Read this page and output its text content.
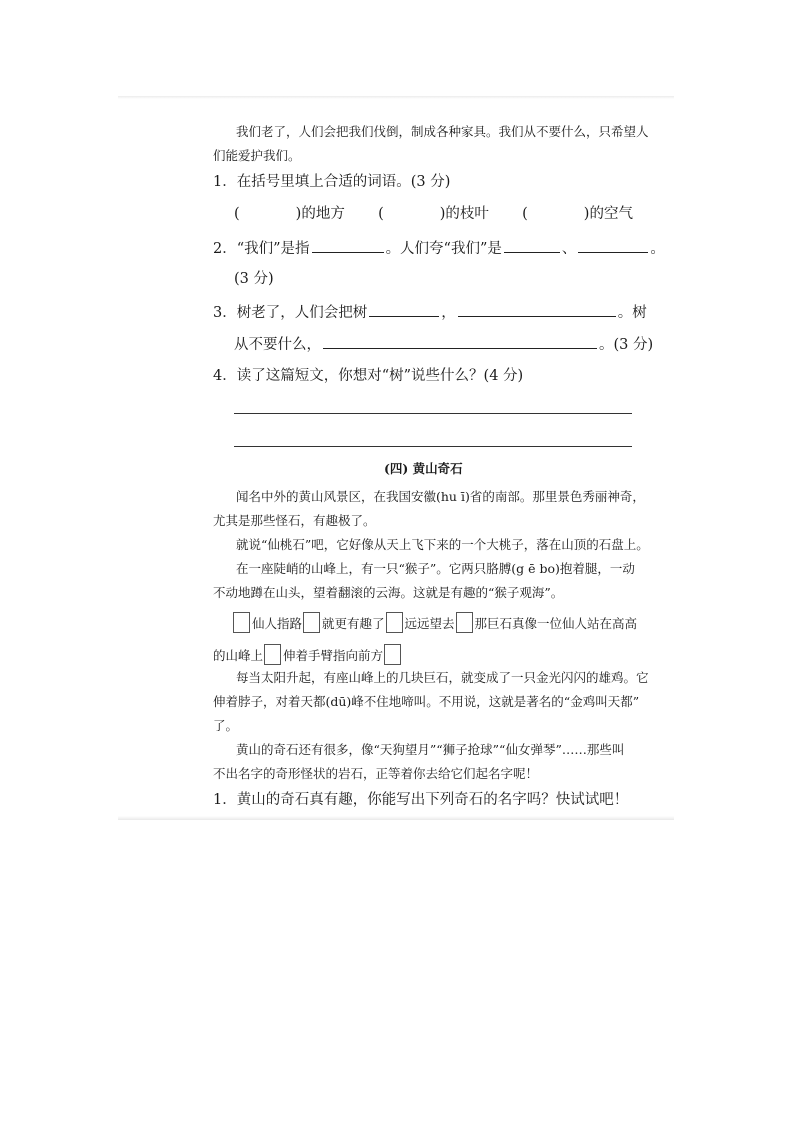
我们老了，人们会把我们伐倒，制成各种家具。我们从不要什么，只希望人
们能爱护我们。
1．在括号里填上合适的词语。(3 分)
(	)的地方 (	)的枝叶 (	)的空气
2．“我们”是指	。人们夸“我们”是	、	。
(3 分)
3．树老了，人们会把树	，	。树
从不要什么，	。(3 分)
4．读了这篇短文，你想对“树”说些什么？(4 分)
(四) 黄山奇石
闻名中外的黄山风景区，在我国安徽(hu ī)省的南部。那里景色秀丽神奇，
尤其是那些怪石，有趣极了。
就说“仙桃石”吧，它好像从天上飞下来的一个大桃子，落在山顶的石盘上。
在一座陡峭的山峰上，有一只“猴子”。它两只胳膊(g ē bo)抱着腿，一动
不动地蹲在山头，望着翻滚的云海。这就是有趣的“猴子观海”。
仙人指路 就更有趣了 远远望去 那巨石真像一位仙人站在高高
的山峰上 伸着手臂指向前方
每当太阳升起，有座山峰上的几块巨石，就变成了一只金光闪闪的雄鸡。它
伸着脖子，对着天都(dū)峰不住地啼叫。不用说，这就是著名的“金鸡叫天都”
了。
黄山的奇石还有很多，像“天狗望月”“狮子抢球”“仙女弹琴”……那些叫
不出名字的奇形怪状的岩石，正等着你去给它们起名字呢！
1．黄山的奇石真有趣，你能写出下列奇石的名字吗？快试试吧！
